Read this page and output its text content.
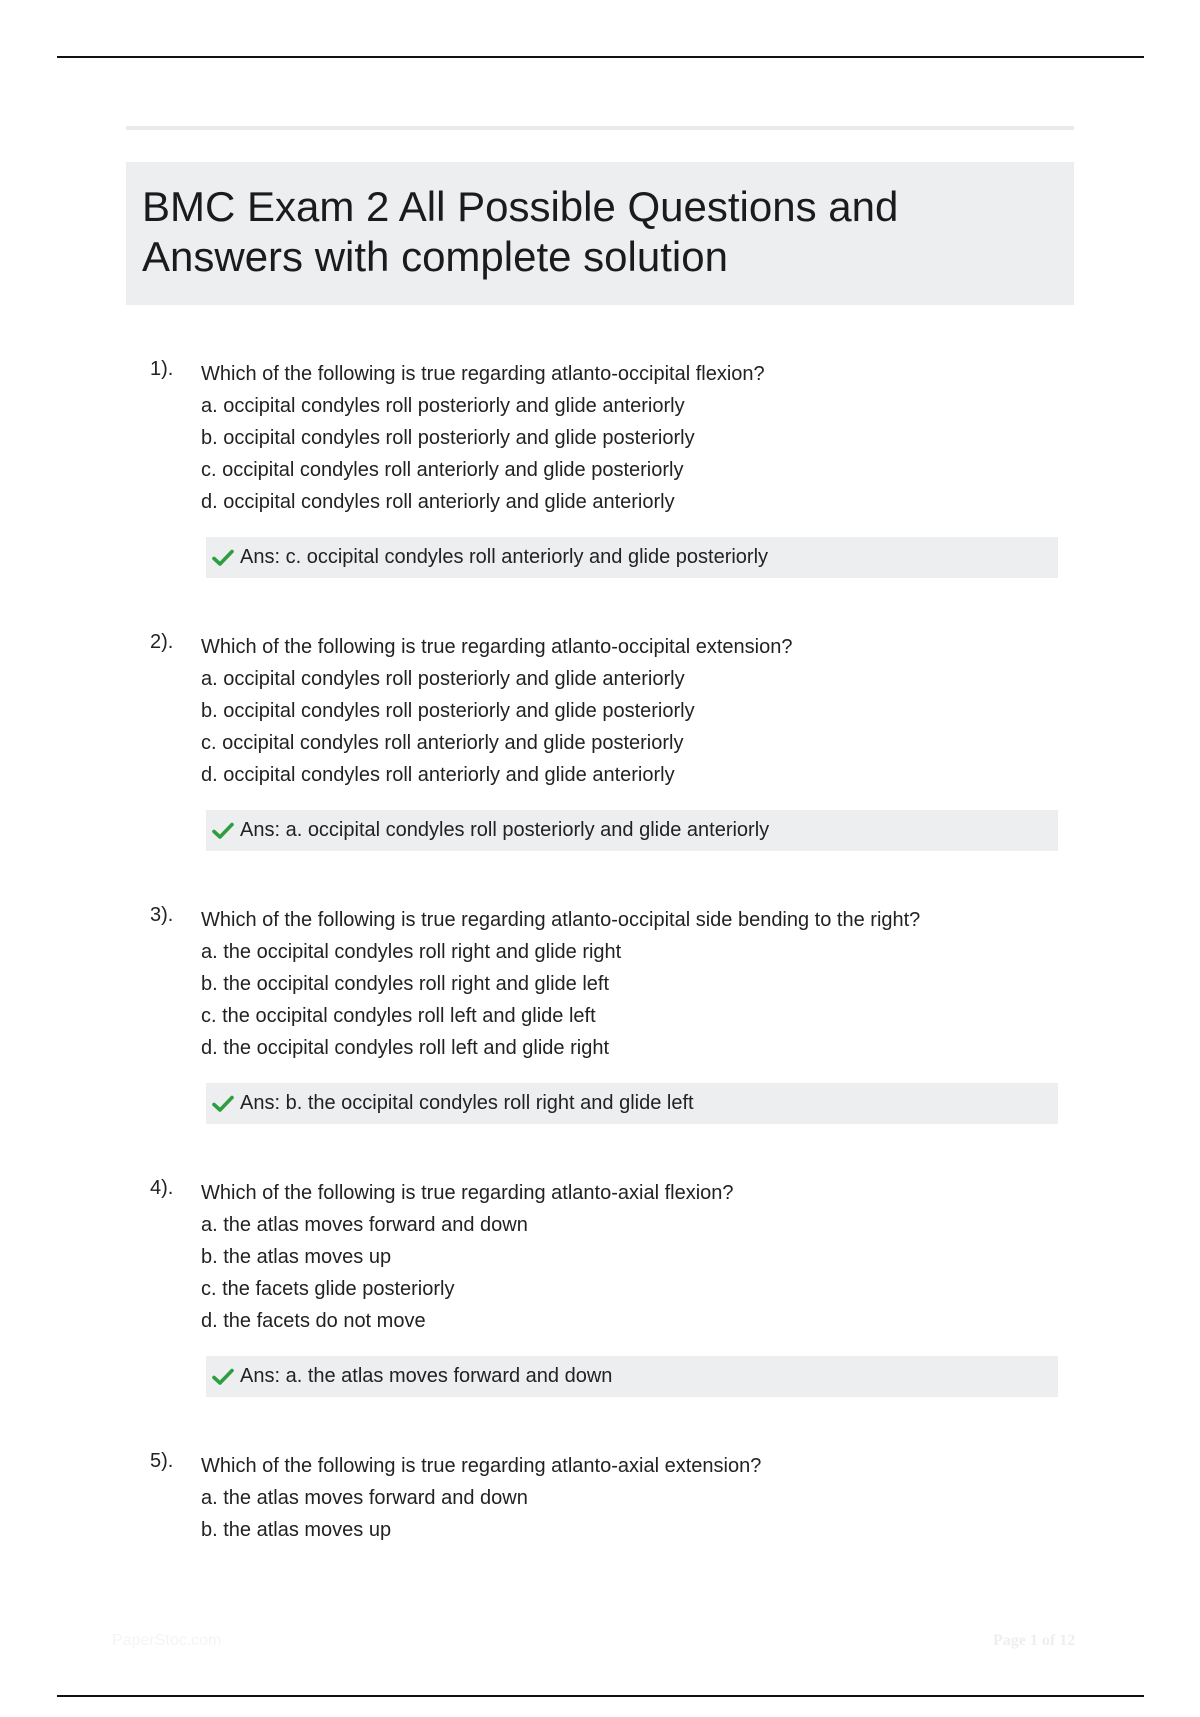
BMC Exam 2 All Possible Questions and Answers with complete solution
1). Which of the following is true regarding atlanto-occipital flexion?
a. occipital condyles roll posteriorly and glide anteriorly
b. occipital condyles roll posteriorly and glide posteriorly
c. occipital condyles roll anteriorly and glide posteriorly
d. occipital condyles roll anteriorly and glide anteriorly
Ans: c. occipital condyles roll anteriorly and glide posteriorly
2). Which of the following is true regarding atlanto-occipital extension?
a. occipital condyles roll posteriorly and glide anteriorly
b. occipital condyles roll posteriorly and glide posteriorly
c. occipital condyles roll anteriorly and glide posteriorly
d. occipital condyles roll anteriorly and glide anteriorly
Ans: a. occipital condyles roll posteriorly and glide anteriorly
3). Which of the following is true regarding atlanto-occipital side bending to the right?
a. the occipital condyles roll right and glide right
b. the occipital condyles roll right and glide left
c. the occipital condyles roll left and glide left
d. the occipital condyles roll left and glide right
Ans: b. the occipital condyles roll right and glide left
4). Which of the following is true regarding atlanto-axial flexion?
a. the atlas moves forward and down
b. the atlas moves up
c. the facets glide posteriorly
d. the facets do not move
Ans: a. the atlas moves forward and down
5). Which of the following is true regarding atlanto-axial extension?
a. the atlas moves forward and down
b. the atlas moves up
PaperStoc.com	Page 1 of 12
